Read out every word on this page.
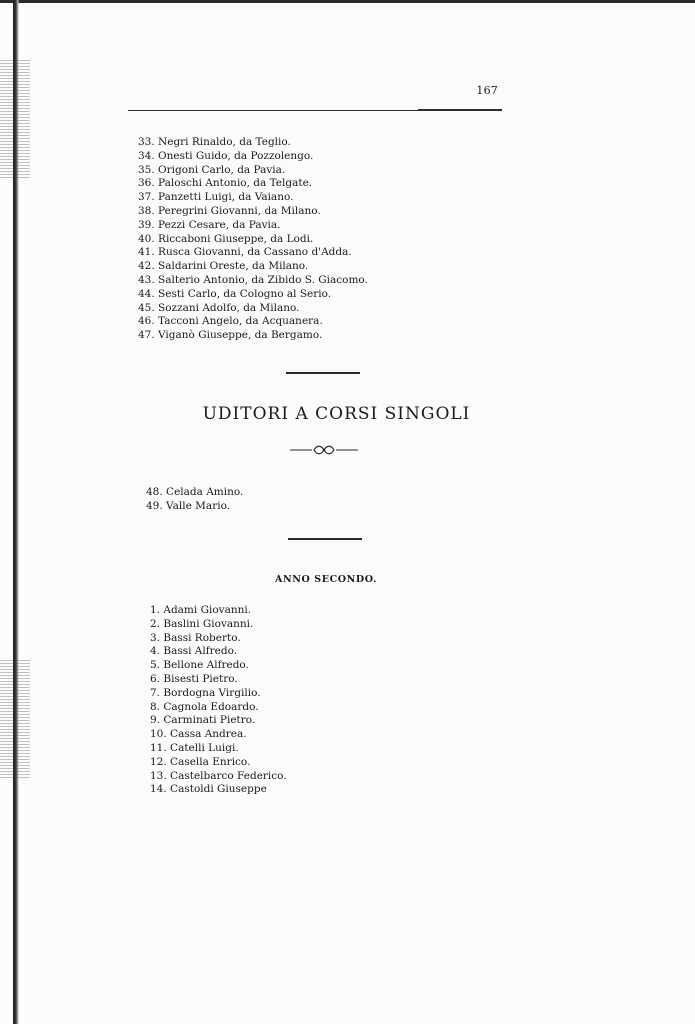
167
33. Negri Rinaldo, da Teglio.
34. Onesti Guido, da Pozzolengo.
35. Origoni Carlo, da Pavia.
36. Paloschi Antonio, da Telgate.
37. Panzetti Luigi, da Vaiano.
38. Peregrini Giovanni, da Milano.
39. Pezzi Cesare, da Pavia.
40. Riccaboni Giuseppe, da Lodi.
41. Rusca Giovanni, da Cassano d'Adda.
42. Saldarini Oreste, da Milano.
43. Salterio Antonio, da Zibido S. Giacomo.
44. Sesti Carlo, da Cologno al Serio.
45. Sozzani Adolfo, da Milano.
46. Tacconi Angelo, da Acquanera.
47. Viganò Giuseppe, da Bergamo.
UDITORI A CORSI SINGOLI
48. Celada Amino.
49. Valle Mario.
ANNO SECONDO.
1. Adami Giovanni.
2. Baslini Giovanni.
3. Bassi Roberto.
4. Bassi Alfredo.
5. Bellone Alfredo.
6. Bisesti Pietro.
7. Bordogna Virgilio.
8. Cagnola Edoardo.
9. Carminati Pietro.
10. Cassa Andrea.
11. Catelli Luigi.
12. Casella Enrico.
13. Castelbarco Federico.
14. Castoldi Giuseppe
